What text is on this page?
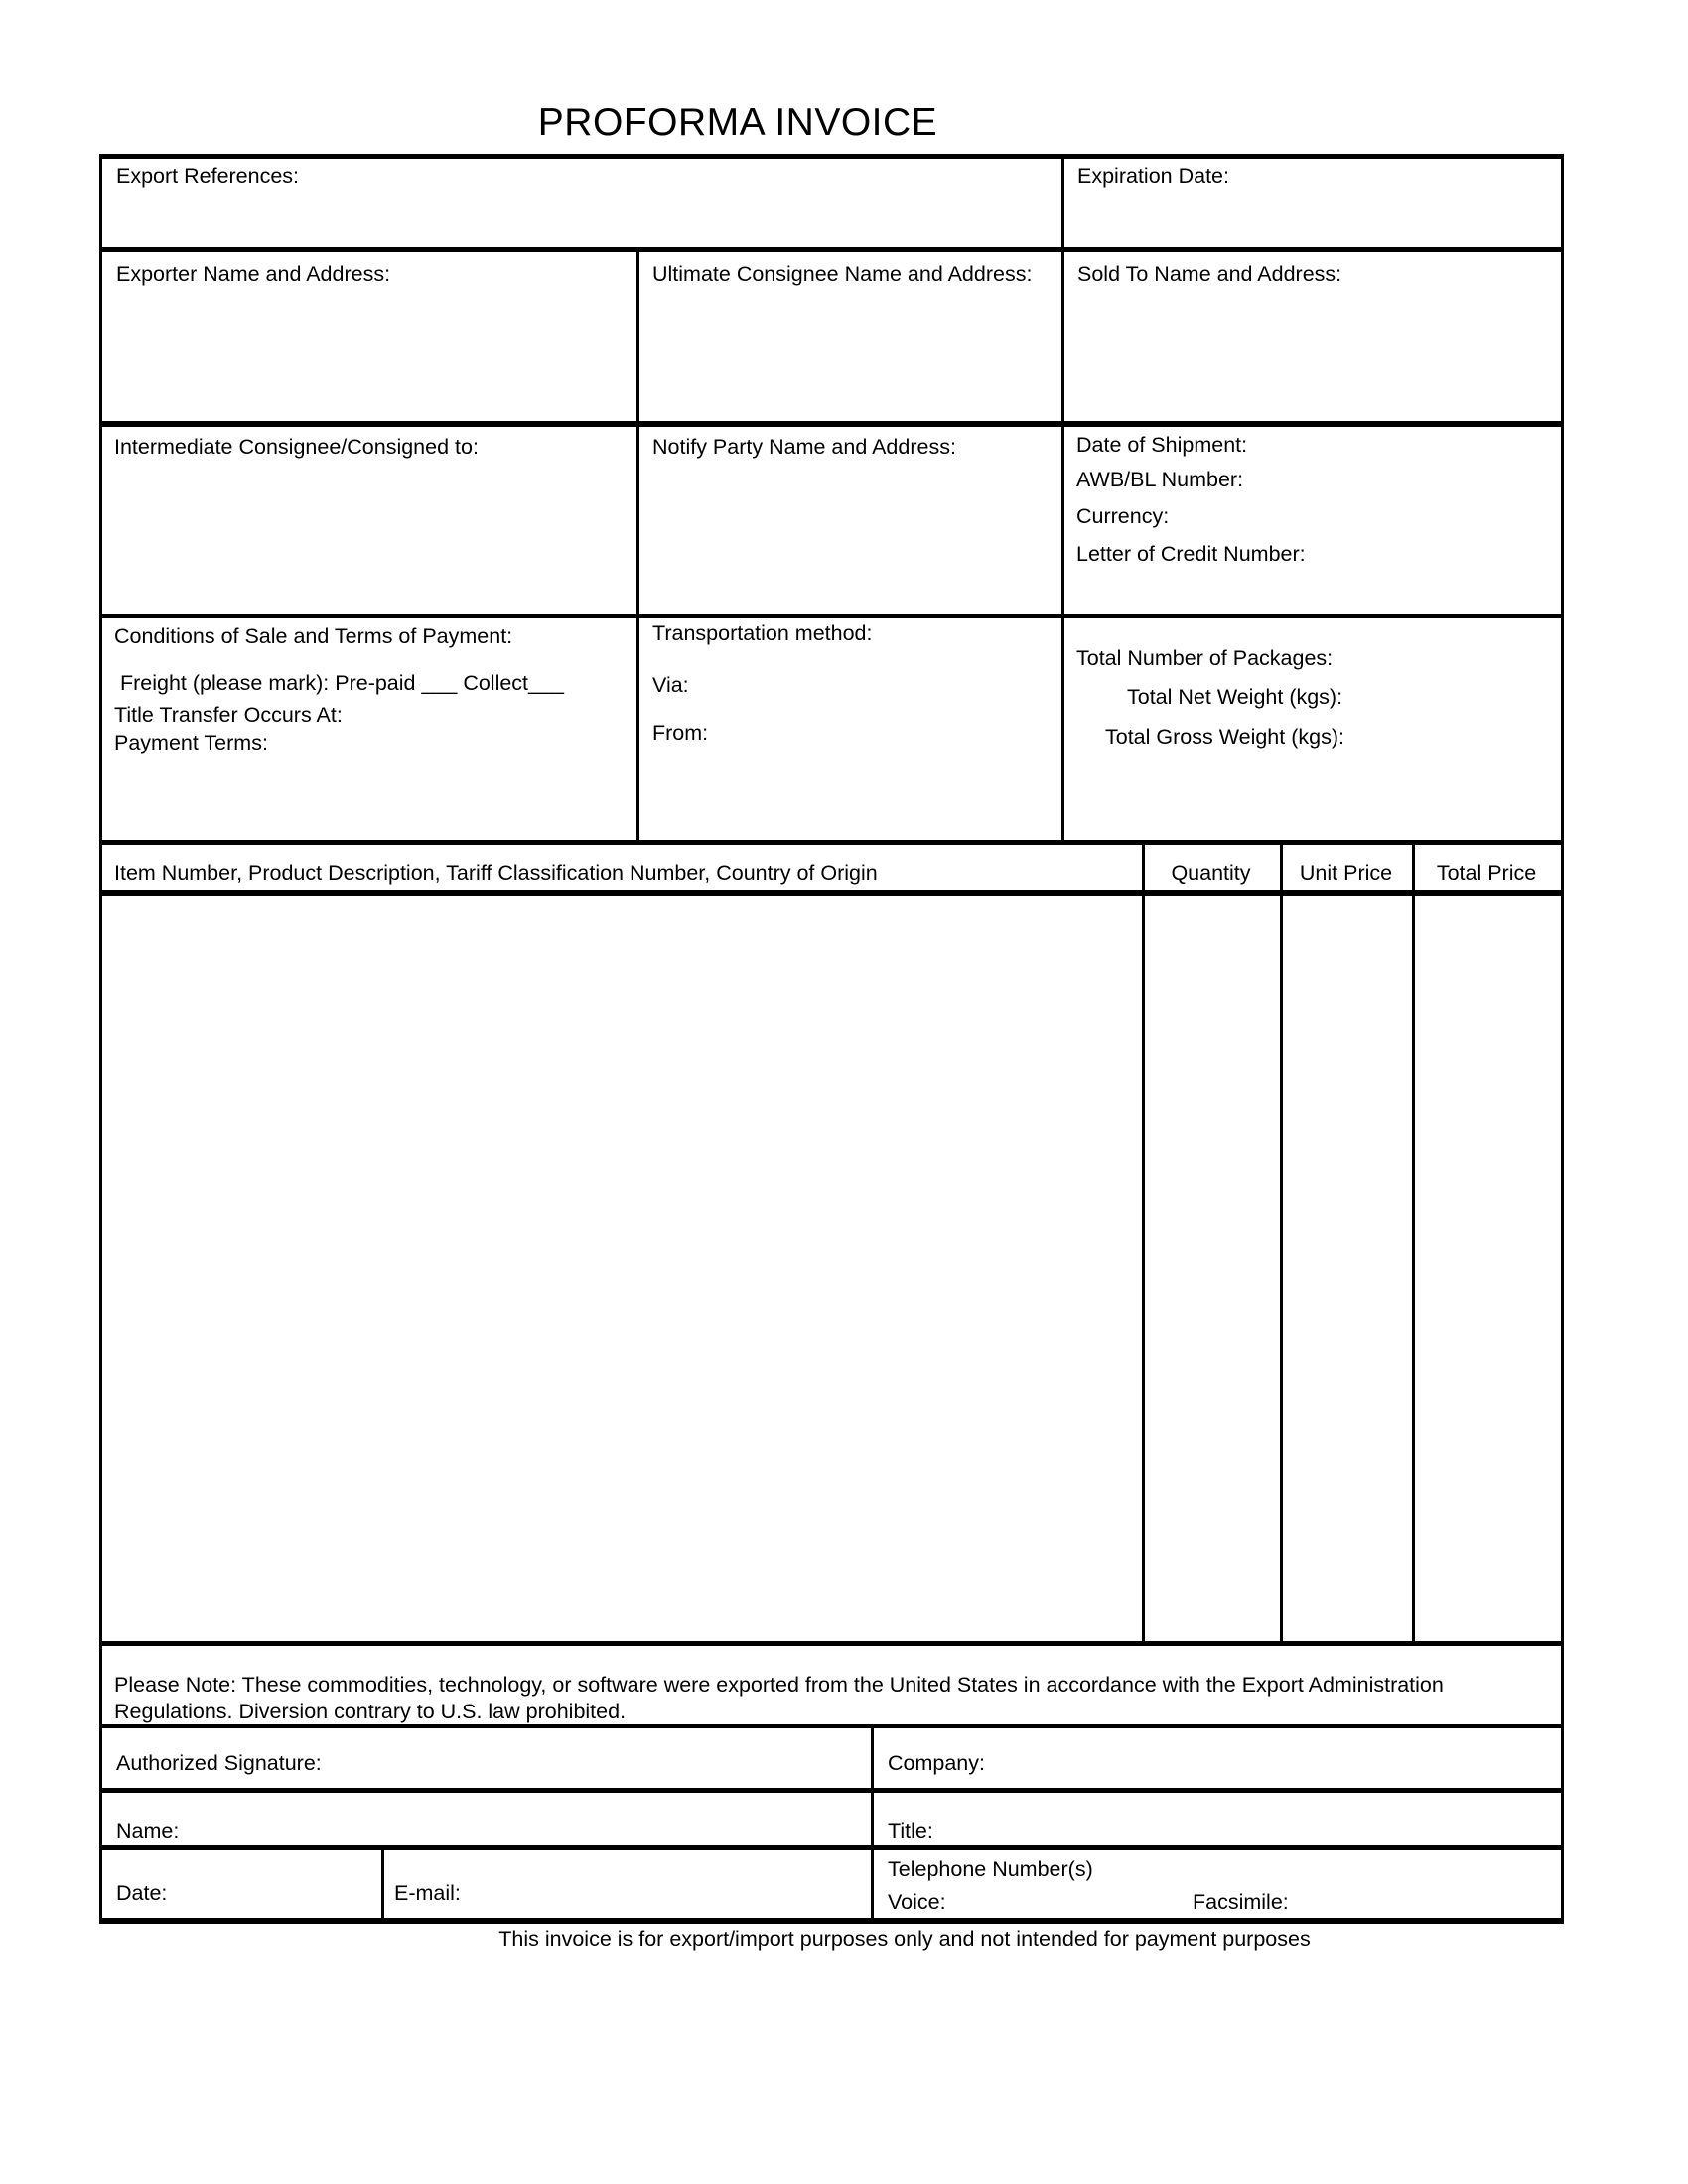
PROFORMA INVOICE
Export References:	Expiration Date:
Exporter Name and Address:	Ultimate Consignee Name and Address: Sold To Name and Address:
Intermediate Consignee/Consigned to:	Notify Party Name and Address:	Date of Shipment:
AWB/BL Number:
Currency:
Letter of Credit Number:
Conditions of Sale and Terms of Payment:
Freight (please mark): Pre-paid ___ Collect___
Title Transfer Occurs At:
Payment Terms:
Transportation method:
Via:
From:
Total Number of Packages:
Total Net Weight (kgs):
Total Gross Weight (kgs):
Item Number, Product Description, Tariff Classification Number, Country of Origin	Quantity	Unit Price	Total Price
Please Note: These commodities, technology, or software were exported from the United States in accordance with the Export Administration
Regulations. Diversion contrary to U.S. law prohibited.
Authorized Signature:	Company:
Name:	Title:
Date:	E-mail:
Telephone Number(s)
Voice:	Facsimile:
This invoice is for export/import purposes only and not intended for payment purposes
